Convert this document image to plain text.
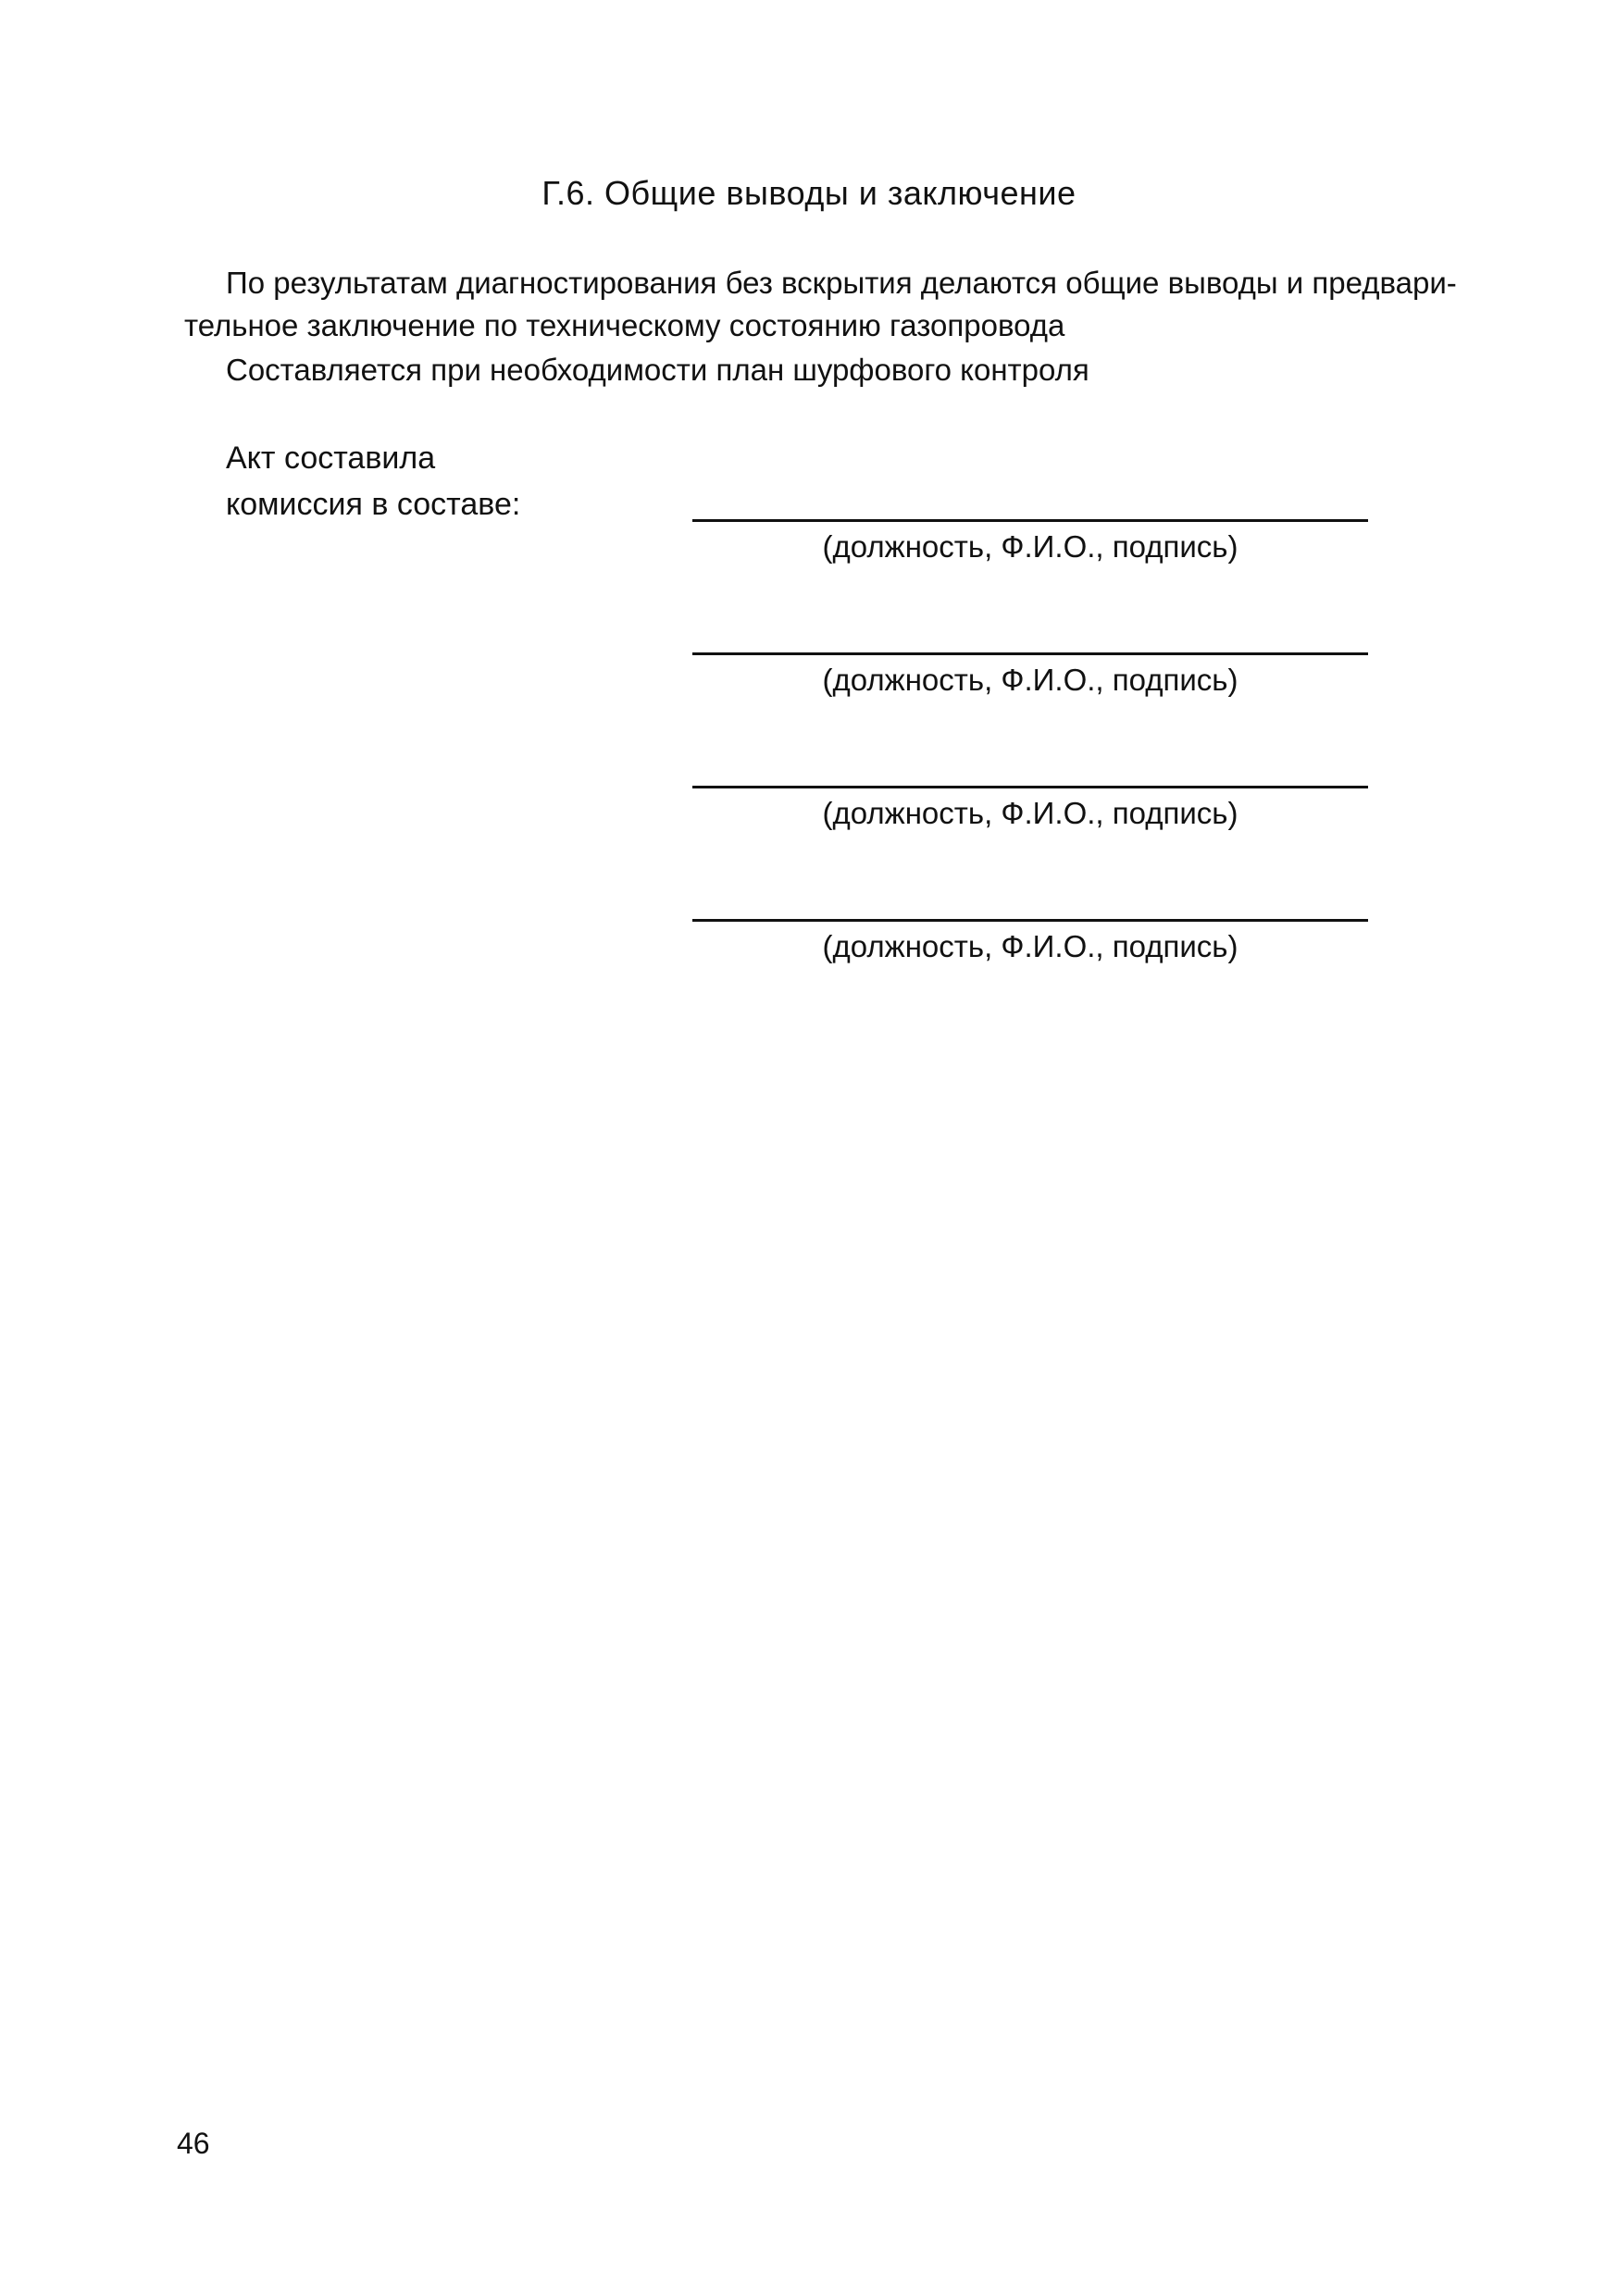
Г.6. Общие выводы и заключение
По результатам диагностирования без вскрытия делаются общие выводы и предвари-
тельное заключение по техническому состоянию газопровода
Составляется при необходимости план шурфового контроля
Акт составила
комиссия в составе:
(должность, Ф.И.О., подпись)
(должность, Ф.И.О., подпись)
(должность, Ф.И.О., подпись)
(должность, Ф.И.О., подпись)
46
